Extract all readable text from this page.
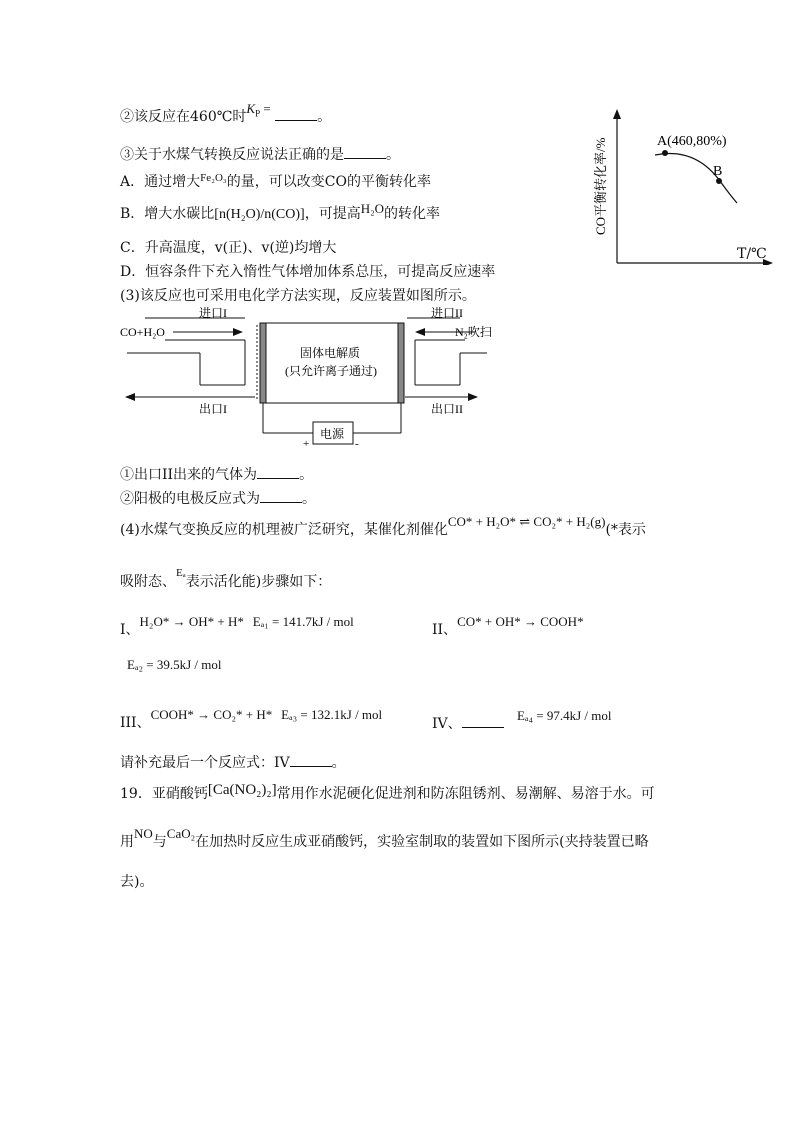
②该反应在460℃时$K_P$ = 。
③关于水煤气转换反应说法正确的是	。
A．通过增大$^{Fe_2O_3}$的量，可以改变CO的平衡转化率
B．增大水碳比[n(H₂O)/n(CO)]，可提高H₂O的转化率
C．升高温度，v(正)、v(逆)均增大
D．恒容条件下充入惰性气体增加体系总压，可提高反应速率
(3)该反应也可采用电化学方法实现，反应装置如图所示。
A(460,80%)
B
CO平衡转化率/%
T/℃
固体电解质
(只允许离子通过)
电源
+	-
进口I	进口II
出口I	出口II
CO+H₂O	N₂吹扫
①出口II出来的气体为	。
②阳极的电极反应式为	。
(4)水煤气变换反应的机理被广泛研究，某催化剂催化CO* + H₂O* ⇌ CO₂* + H₂(g)(*表示
吸附态、$^{E_a}$表示活化能)步骤如下：
I、H₂O* → OH* + H* Eₐ₁ = 141.7kJ / mol
II、CO* + OH* → COOH*
Eₐ₂ = 39.5kJ / mol
III、COOH* → CO₂* + H* Eₐ₃ = 132.1kJ / mol
IV、   Eₐ₄ = 97.4kJ / mol
请补充最后一个反应式：IV	。
19．亚硝酸钙[Ca(NO₂)₂]常用作水泥硬化促进剂和防冻阻锈剂、易潮解、易溶于水。可
用NO与CaO₂在加热时反应生成亚硝酸钙，实验室制取的装置如下图所示(夹持装置已略
去)。
